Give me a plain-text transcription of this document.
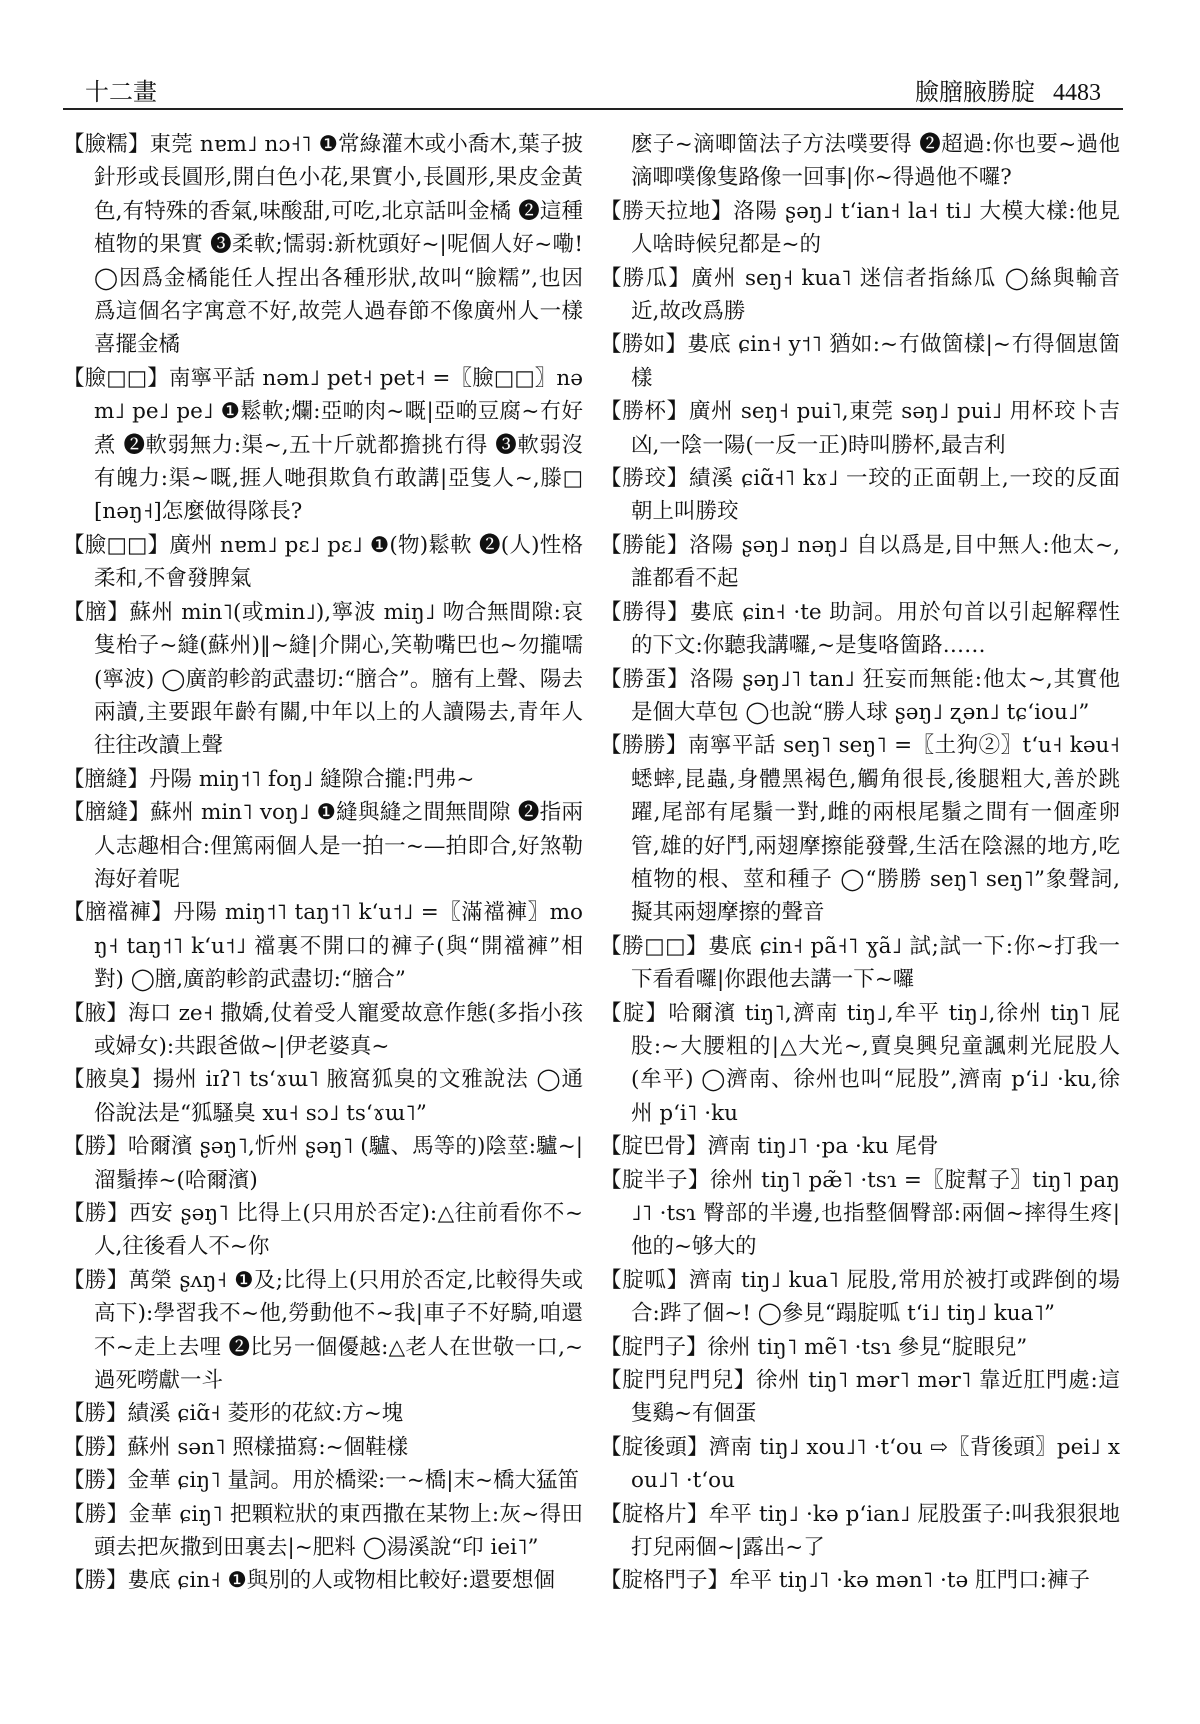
十二畫	臉膪腋勝腚 4483

【臉糯】東莞 nɐm˩ nɔ˧˥ ❶常綠灌木或小喬木,葉子披針形或長圓形,開白色小花,果實小,長圓形,果皮金黃色,有特殊的香氣,味酸甜,可吃,北京話叫金橘 ❷這種植物的果實 ❸柔軟;懦弱:新枕頭好~|呢個人好~嘞! ◯因爲金橘能任人捏出各種形狀,故叫“臉糯”,也因爲這個名字寓意不好,故莞人過春節不像廣州人一樣喜擺金橘

【臉□□】南寧平話 nəm˩ pet˧ pet˧ =〖臉□□〗nəm˩ pe˩ pe˩ ❶鬆軟;爛:亞啲肉~嘅|亞啲豆腐~冇好煮 ❷軟弱無力:渠~,五十斤就都擔挑冇得 ❸軟弱沒有魄力:渠~嘅,捱人哋孭欺負冇敢講|亞隻人~,滕□[nəŋ˧]怎麼做得隊長?

【臉□□】廣州 nɐm˩ pɛ˩ pɛ˩ ❶(物)鬆軟 ❷(人)性格柔和,不會發脾氣

【膪】蘇州 min˥(或min˩),寧波 miŋ˩ 吻合無間隙:哀隻枱子~縫(蘇州)‖~縫|介開心,笑勒嘴巴也~勿攏嚅(寧波) ◯廣韵軫韵武盡切:“膪合”。膪有上聲、陽去兩讀,主要跟年齡有關,中年以上的人讀陽去,青年人往往改讀上聲

【膪縫】丹陽 miŋ˦˥ foŋ˩ 縫隙合攏:門弗~

【膪縫】蘇州 min˥ voŋ˩ ❶縫與縫之間無間隙 ❷指兩人志趣相合:俚篤兩個人是一拍一~—拍即合,好煞勒海好着呢

【膪襠褲】丹陽 miŋ˦˥ taŋ˦˥ k‘u˦˩ =〖滿襠褲〗moŋ˧ taŋ˦˥ k‘u˦˩ 襠裏不開口的褲子(與“開襠褲”相對) ◯膪,廣韵軫韵武盡切:“膪合”

【腋】海口 ze˧ 撒嬌,仗着受人寵愛故意作態(多指小孩或婦女):共跟爸做~|伊老婆真~

【腋臭】揚州 iɪʔ˥ ts‘ɤɯ˥ 腋窩狐臭的文雅說法 ◯通俗說法是“狐騷臭 xu˧ sɔ˩ ts‘ɤɯ˥”

【勝】哈爾濱 ʂəŋ˥,忻州 ʂəŋ˥ (驢、馬等的)陰莖:驢~|溜鬚捧~(哈爾濱)

【勝】西安 ʂəŋ˥ 比得上(只用於否定):△往前看你不~人,往後看人不~你

【勝】萬榮 ʂʌŋ˧ ❶及;比得上(只用於否定,比較得失或高下):學習我不~他,勞動他不~我|車子不好騎,咱還不~走上去哩 ❷比另一個優越:△老人在世敬一口,~過死嘮獻一斗

【勝】績溪 ɕiɑ̃˧ 菱形的花紋:方~塊

【勝】蘇州 sən˥ 照樣描寫:~個鞋樣

【勝】金華 ɕiŋ˥ 量詞。用於橋梁:一~橋|末~橋大猛笛

【勝】金華 ɕiŋ˥ 把顆粒狀的東西撒在某物上:灰~得田頭去把灰撒到田裏去|~肥料 ◯湯溪說“印 iei˥”

【勝】婁底 ɕin˧ ❶與別的人或物相比較好:還要想個

麽子~滴唧箇法子方法噗要得 ❷超過:你也要~過他滴唧噗像隻路像一回事|你~得過他不囉?

【勝天拉地】洛陽 ʂəŋ˩ t‘ian˧ la˧ ti˩ 大模大樣:他見人啥時候兒都是~的

【勝瓜】廣州 seŋ˧ kua˥ 迷信者指絲瓜 ◯絲與輸音近,故改爲勝

【勝如】婁底 ɕin˧ y˦˥ 猶如:~冇做箇樣|~冇得個崽箇樣

【勝杯】廣州 seŋ˧ pui˥,東莞 səŋ˩ pui˩ 用杯珓卜吉凶,一陰一陽(一反一正)時叫勝杯,最吉利

【勝珓】績溪 ɕiɑ̃˧˥ kɤ˩ 一珓的正面朝上,一珓的反面朝上叫勝珓

【勝能】洛陽 ʂəŋ˩ nəŋ˩ 自以爲是,目中無人:他太~,誰都看不起

【勝得】婁底 ɕin˧ ·te 助詞。用於句首以引起解釋性的下文:你聽我講囉,~是隻咯箇路……

【勝蛋】洛陽 ʂəŋ˩˥ tan˩ 狂妄而無能:他太~,其實他是個大草包 ◯也說“勝人球 ʂəŋ˩ ʐən˩ tɕ‘iou˩”

【勝勝】南寧平話 seŋ˥ seŋ˥ =〖土狗②〗t‘u˧ kəu˧ 蟋蟀,昆蟲,身體黑褐色,觸角很長,後腿粗大,善於跳躍,尾部有尾鬚一對,雌的兩根尾鬚之間有一個產卵管,雄的好鬥,兩翅摩擦能發聲,生活在陰濕的地方,吃植物的根、莖和種子 ◯“勝勝 seŋ˥ seŋ˥”象聲詞,擬其兩翅摩擦的聲音

【勝□□】婁底 ɕin˧ pã˧˥ ɣã˩ 試;試一下:你~打我一下看看囉|你跟他去講一下~囉

【腚】哈爾濱 tiŋ˥,濟南 tiŋ˩,牟平 tiŋ˩,徐州 tiŋ˥ 屁股:~大腰粗的|△大光~,賣臭興兒童諷刺光屁股人(牟平) ◯濟南、徐州也叫“屁股”,濟南 p‘i˩ ·ku,徐州 p‘i˥ ·ku

【腚巴骨】濟南 tiŋ˩˥ ·pa ·ku 尾骨

【腚半子】徐州 tiŋ˥ pæ̃˥ ·tsɿ =〖腚幫子〗tiŋ˥ paŋ˩˥ ·tsɿ 臀部的半邊,也指整個臀部:兩個~摔得生疼|他的~够大的

【腚呱】濟南 tiŋ˩ kua˥ 屁股,常用於被打或跸倒的場合:跸了個~! ◯參見“蹋腚呱 t‘i˩ tiŋ˩ kua˥”

【腚門子】徐州 tiŋ˥ mẽ˥ ·tsɿ 參見“腚眼兒”

【腚門兒門兒】徐州 tiŋ˥ mər˥ mər˥ 靠近肛門處:這隻鷄~有個蛋

【腚後頭】濟南 tiŋ˩ xou˩˥ ·t‘ou ⇨〖背後頭〗pei˩ xou˩˥ ·t‘ou

【腚格片】牟平 tiŋ˩ ·kə p‘ian˩ 屁股蛋子:叫我狠狠地打兒兩個~|露出~了

【腚格門子】牟平 tiŋ˩˥ ·kə mən˥ ·tə 肛門口:褲子
